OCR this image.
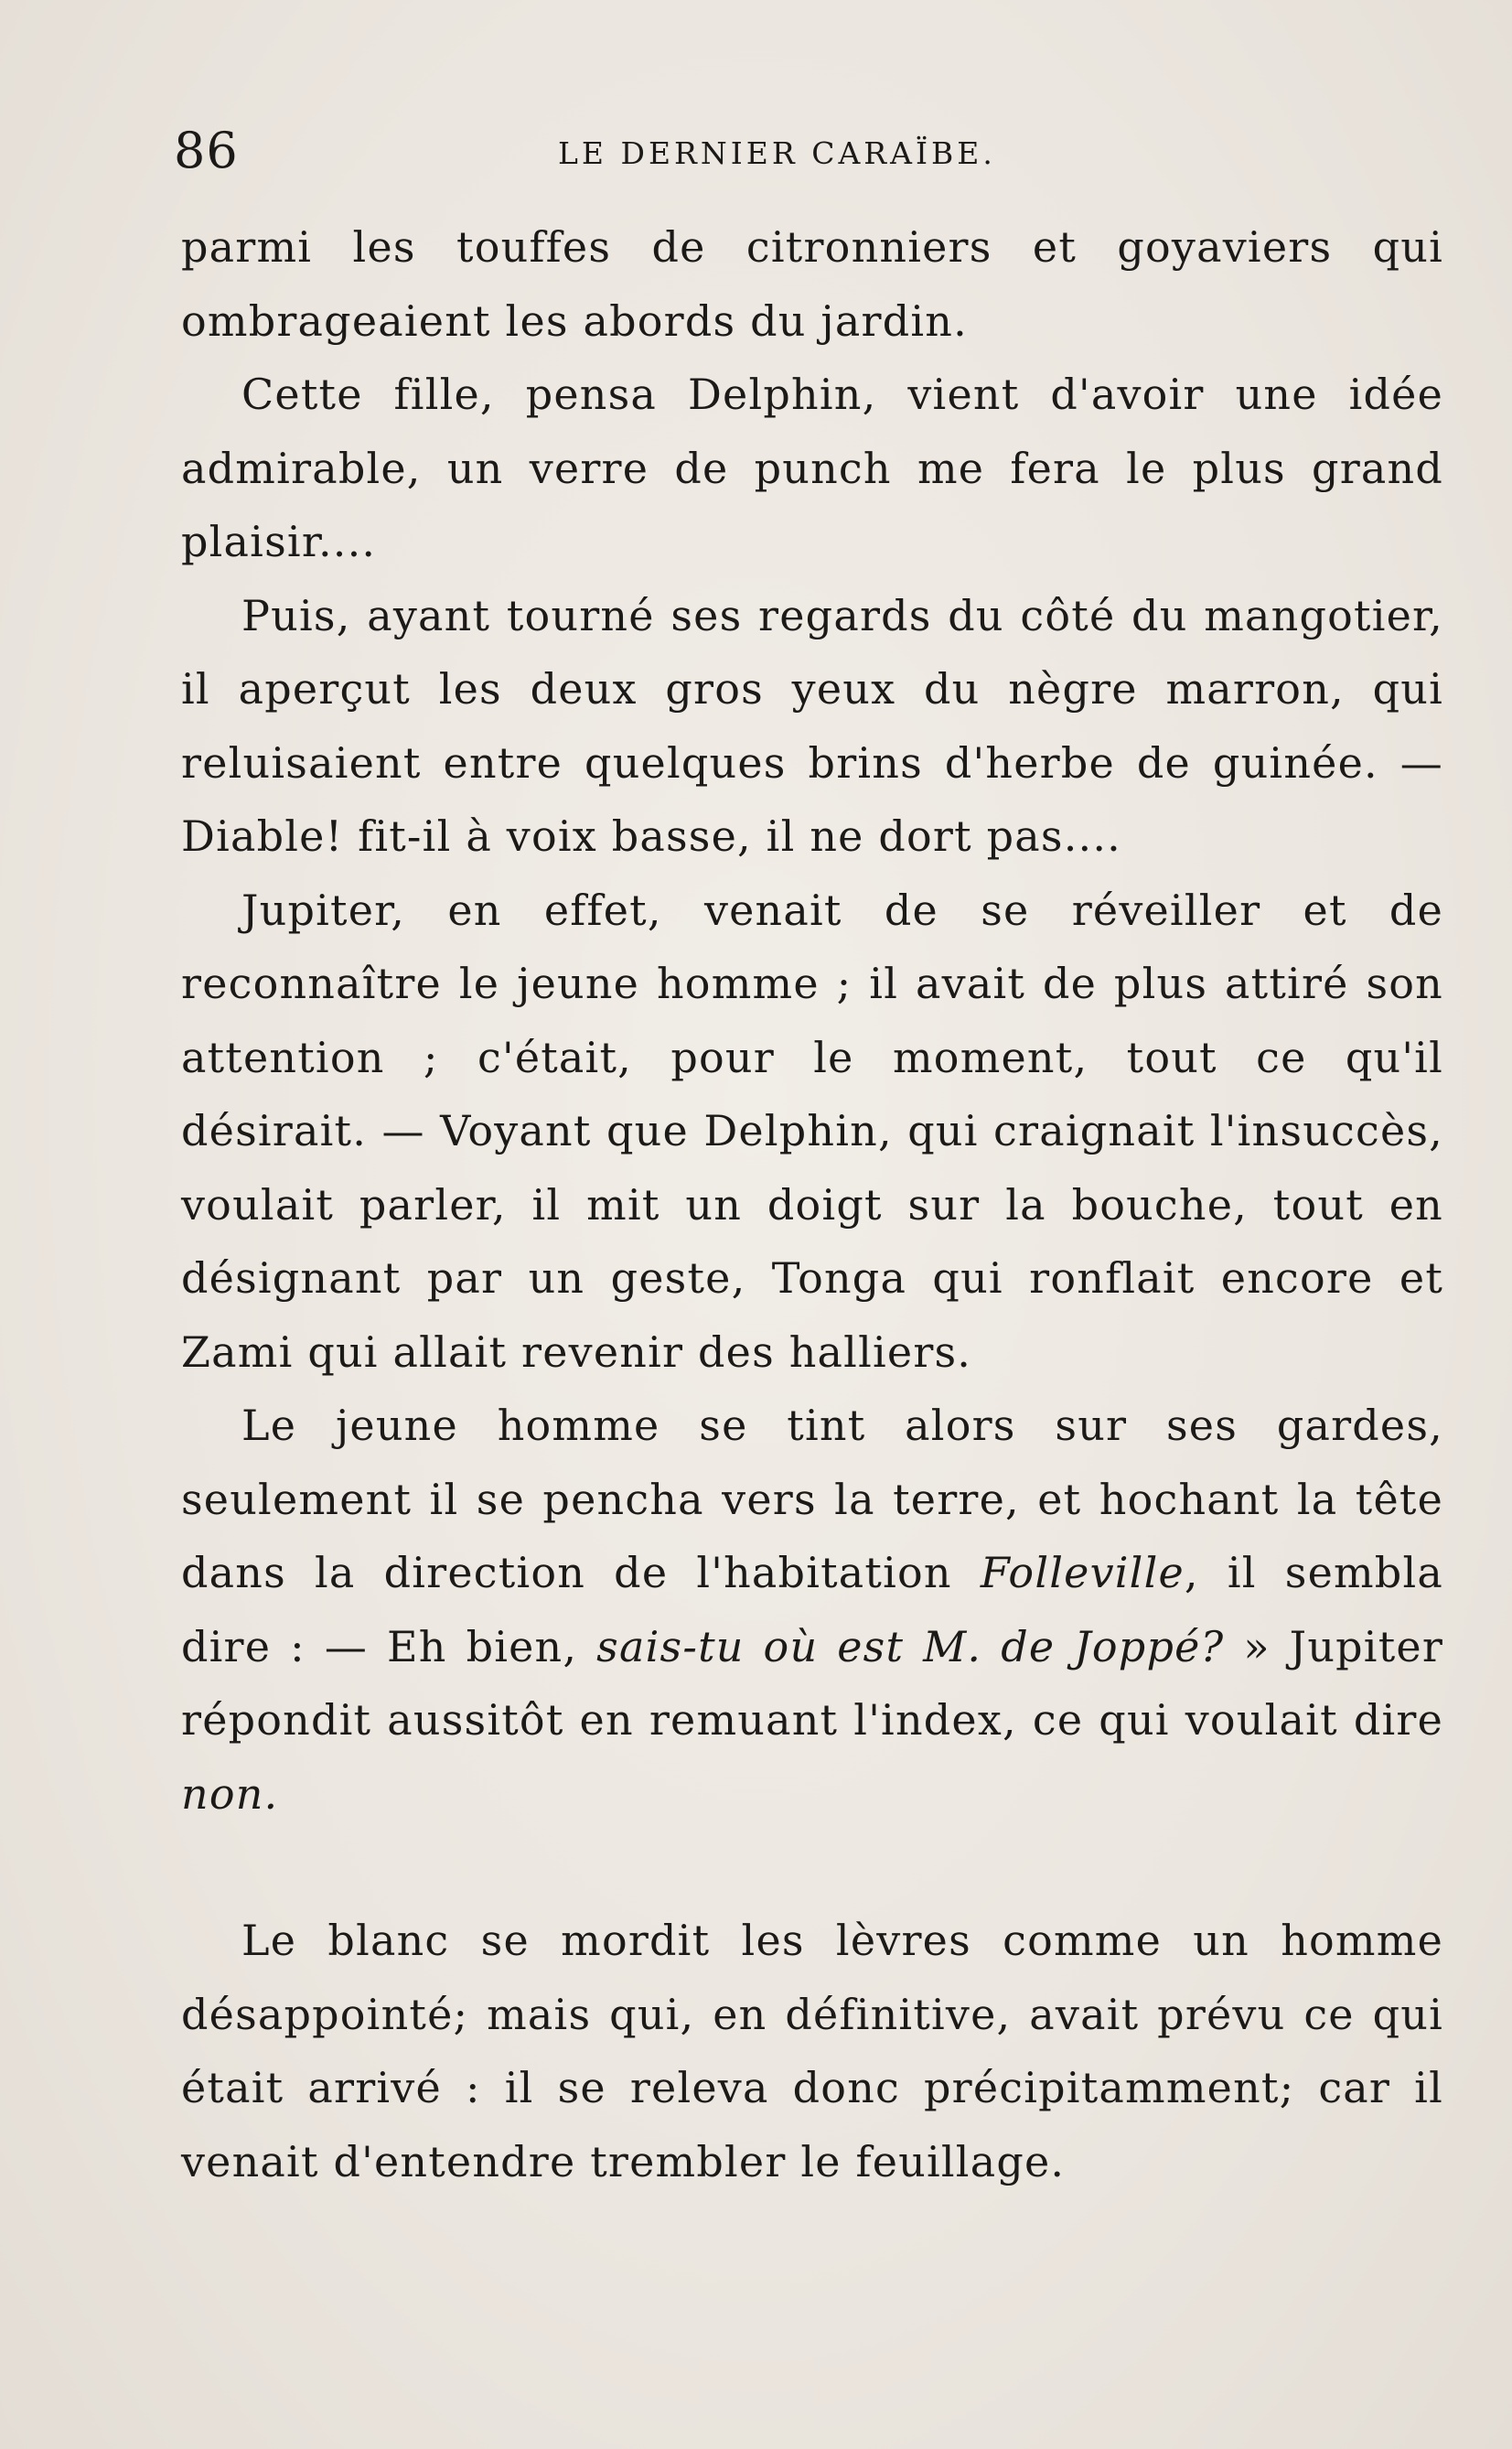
86	LE DERNIER CARAÏBE.

parmi les touffes de citronniers et goyaviers qui ombrageaient les abords du jardin.

Cette fille, pensa Delphin, vient d'avoir une idée admirable, un verre de punch me fera le plus grand plaisir....

Puis, ayant tourné ses regards du côté du mangotier, il aperçut les deux gros yeux du nègre marron, qui reluisaient entre quelques brins d'herbe de guinée. — Diable! fit-il à voix basse, il ne dort pas....

Jupiter, en effet, venait de se réveiller et de reconnaître le jeune homme ; il avait de plus attiré son attention ; c'était, pour le moment, tout ce qu'il désirait. — Voyant que Delphin, qui craignait l'insuccès, voulait parler, il mit un doigt sur la bouche, tout en désignant par un geste, Tonga qui ronflait encore et Zami qui allait revenir des halliers.

Le jeune homme se tint alors sur ses gardes, seulement il se pencha vers la terre, et hochant la tête dans la direction de l'habitation Folleville, il sembla dire : — Eh bien, sais-tu où est M. de Joppé? » Jupiter répondit aussitôt en remuant l'index, ce qui voulait dire non.

Le blanc se mordit les lèvres comme un homme désappointé; mais qui, en définitive, avait prévu ce qui était arrivé : il se releva donc précipitamment; car il venait d'entendre trembler le feuillage.
